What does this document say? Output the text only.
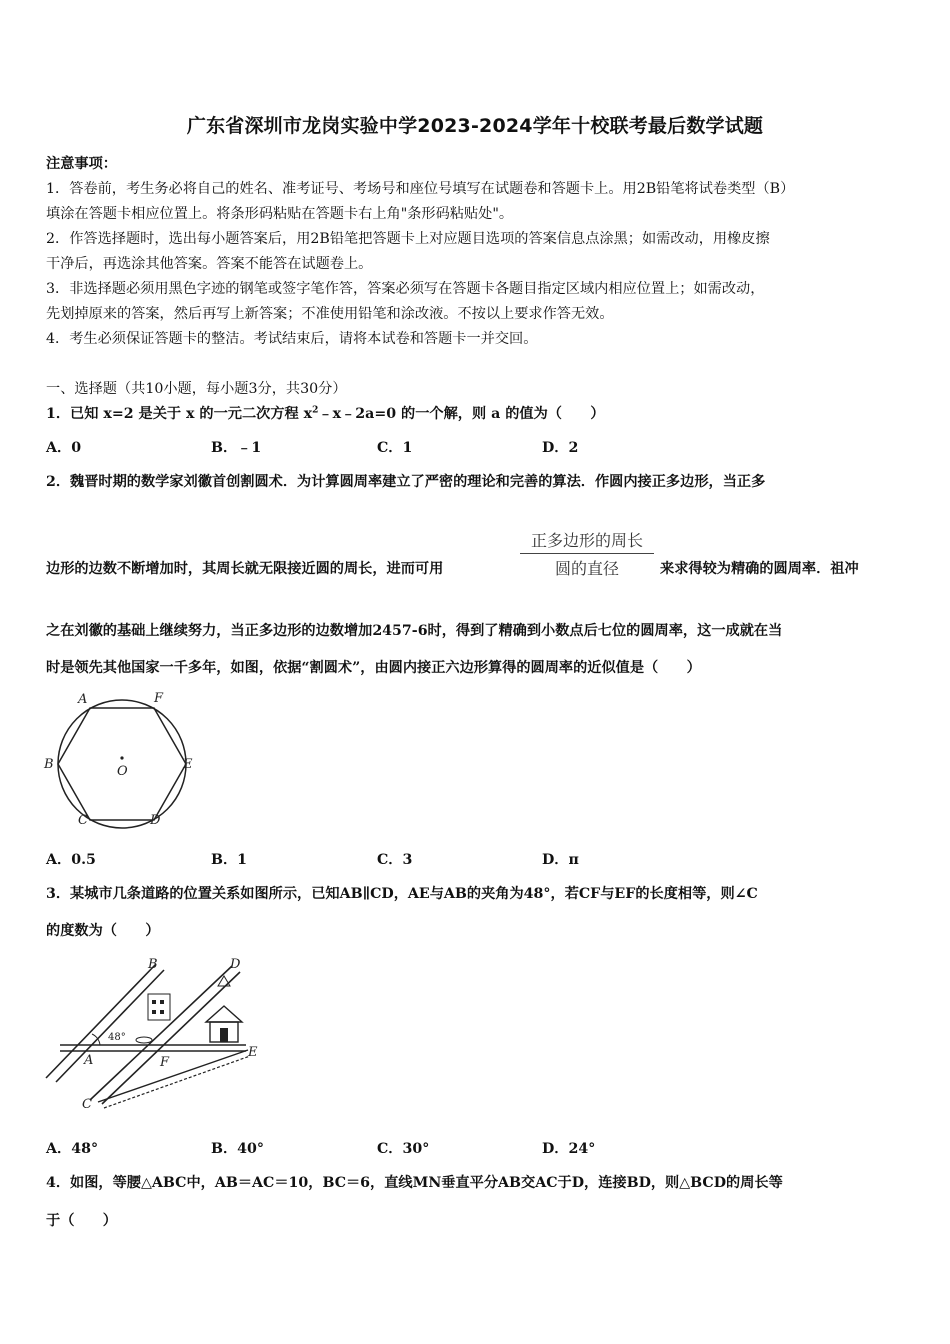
广东省深圳市龙岗实验中学2023-2024学年十校联考最后数学试题
注意事项：
1．答卷前，考生务必将自己的姓名、准考证号、考场号和座位号填写在试题卷和答题卡上。用2B铅笔将试卷类型（B）
填涂在答题卡相应位置上。将条形码粘贴在答题卡右上角"条形码粘贴处"。
2．作答选择题时，选出每小题答案后，用2B铅笔把答题卡上对应题目选项的答案信息点涂黑；如需改动，用橡皮擦
干净后，再选涂其他答案。答案不能答在试题卷上。
3．非选择题必须用黑色字迹的钢笔或签字笔作答，答案必须写在答题卡各题目指定区域内相应位置上；如需改动，
先划掉原来的答案，然后再写上新答案；不准使用铅笔和涂改液。不按以上要求作答无效。
4．考生必须保证答题卡的整洁。考试结束后，请将本试卷和答题卡一并交回。
一、选择题（共10小题，每小题3分，共30分）
1．已知 x=2 是关于 x 的一元二次方程 $x^2﹣x﹣2a=0$ 的一个解，则 a 的值为（　　）
A．0	B．﹣1	C．1	D．2
2．魏晋时期的数学家刘徽首创割圆术．为计算圆周率建立了严密的理论和完善的算法．作圆内接正多边形，当正多
边形的边数不断增加时，其周长就无限接近圆的周长，进而可用
正多边形的周长
圆的直径	来求得较为精确的圆周率．祖冲
之在刘徽的基础上继续努力，当正多边形的边数增加2457-6时，得到了精确到小数点后七位的圆周率，这一成就在当
时是领先其他国家一千多年，如图，依据“割圆术”，由圆内接正六边形算得的圆周率的近似值是（　　）
A	F
B	E
C	D
O
A．0.5	B．1	C．3	D．π
3．某城市几条道路的位置关系如图所示，已知AB∥CD，AE与AB的夹角为48°，若CF与EF的长度相等，则∠C
的度数为（　　）
48°
B	D
A	F
E
C
A．48°	B．40°	C．30°	D．24°
4．如图，等腰△ABC中，AB＝AC＝10，BC＝6，直线MN垂直平分AB交AC于D，连接BD，则△BCD的周长等
于（　　）
